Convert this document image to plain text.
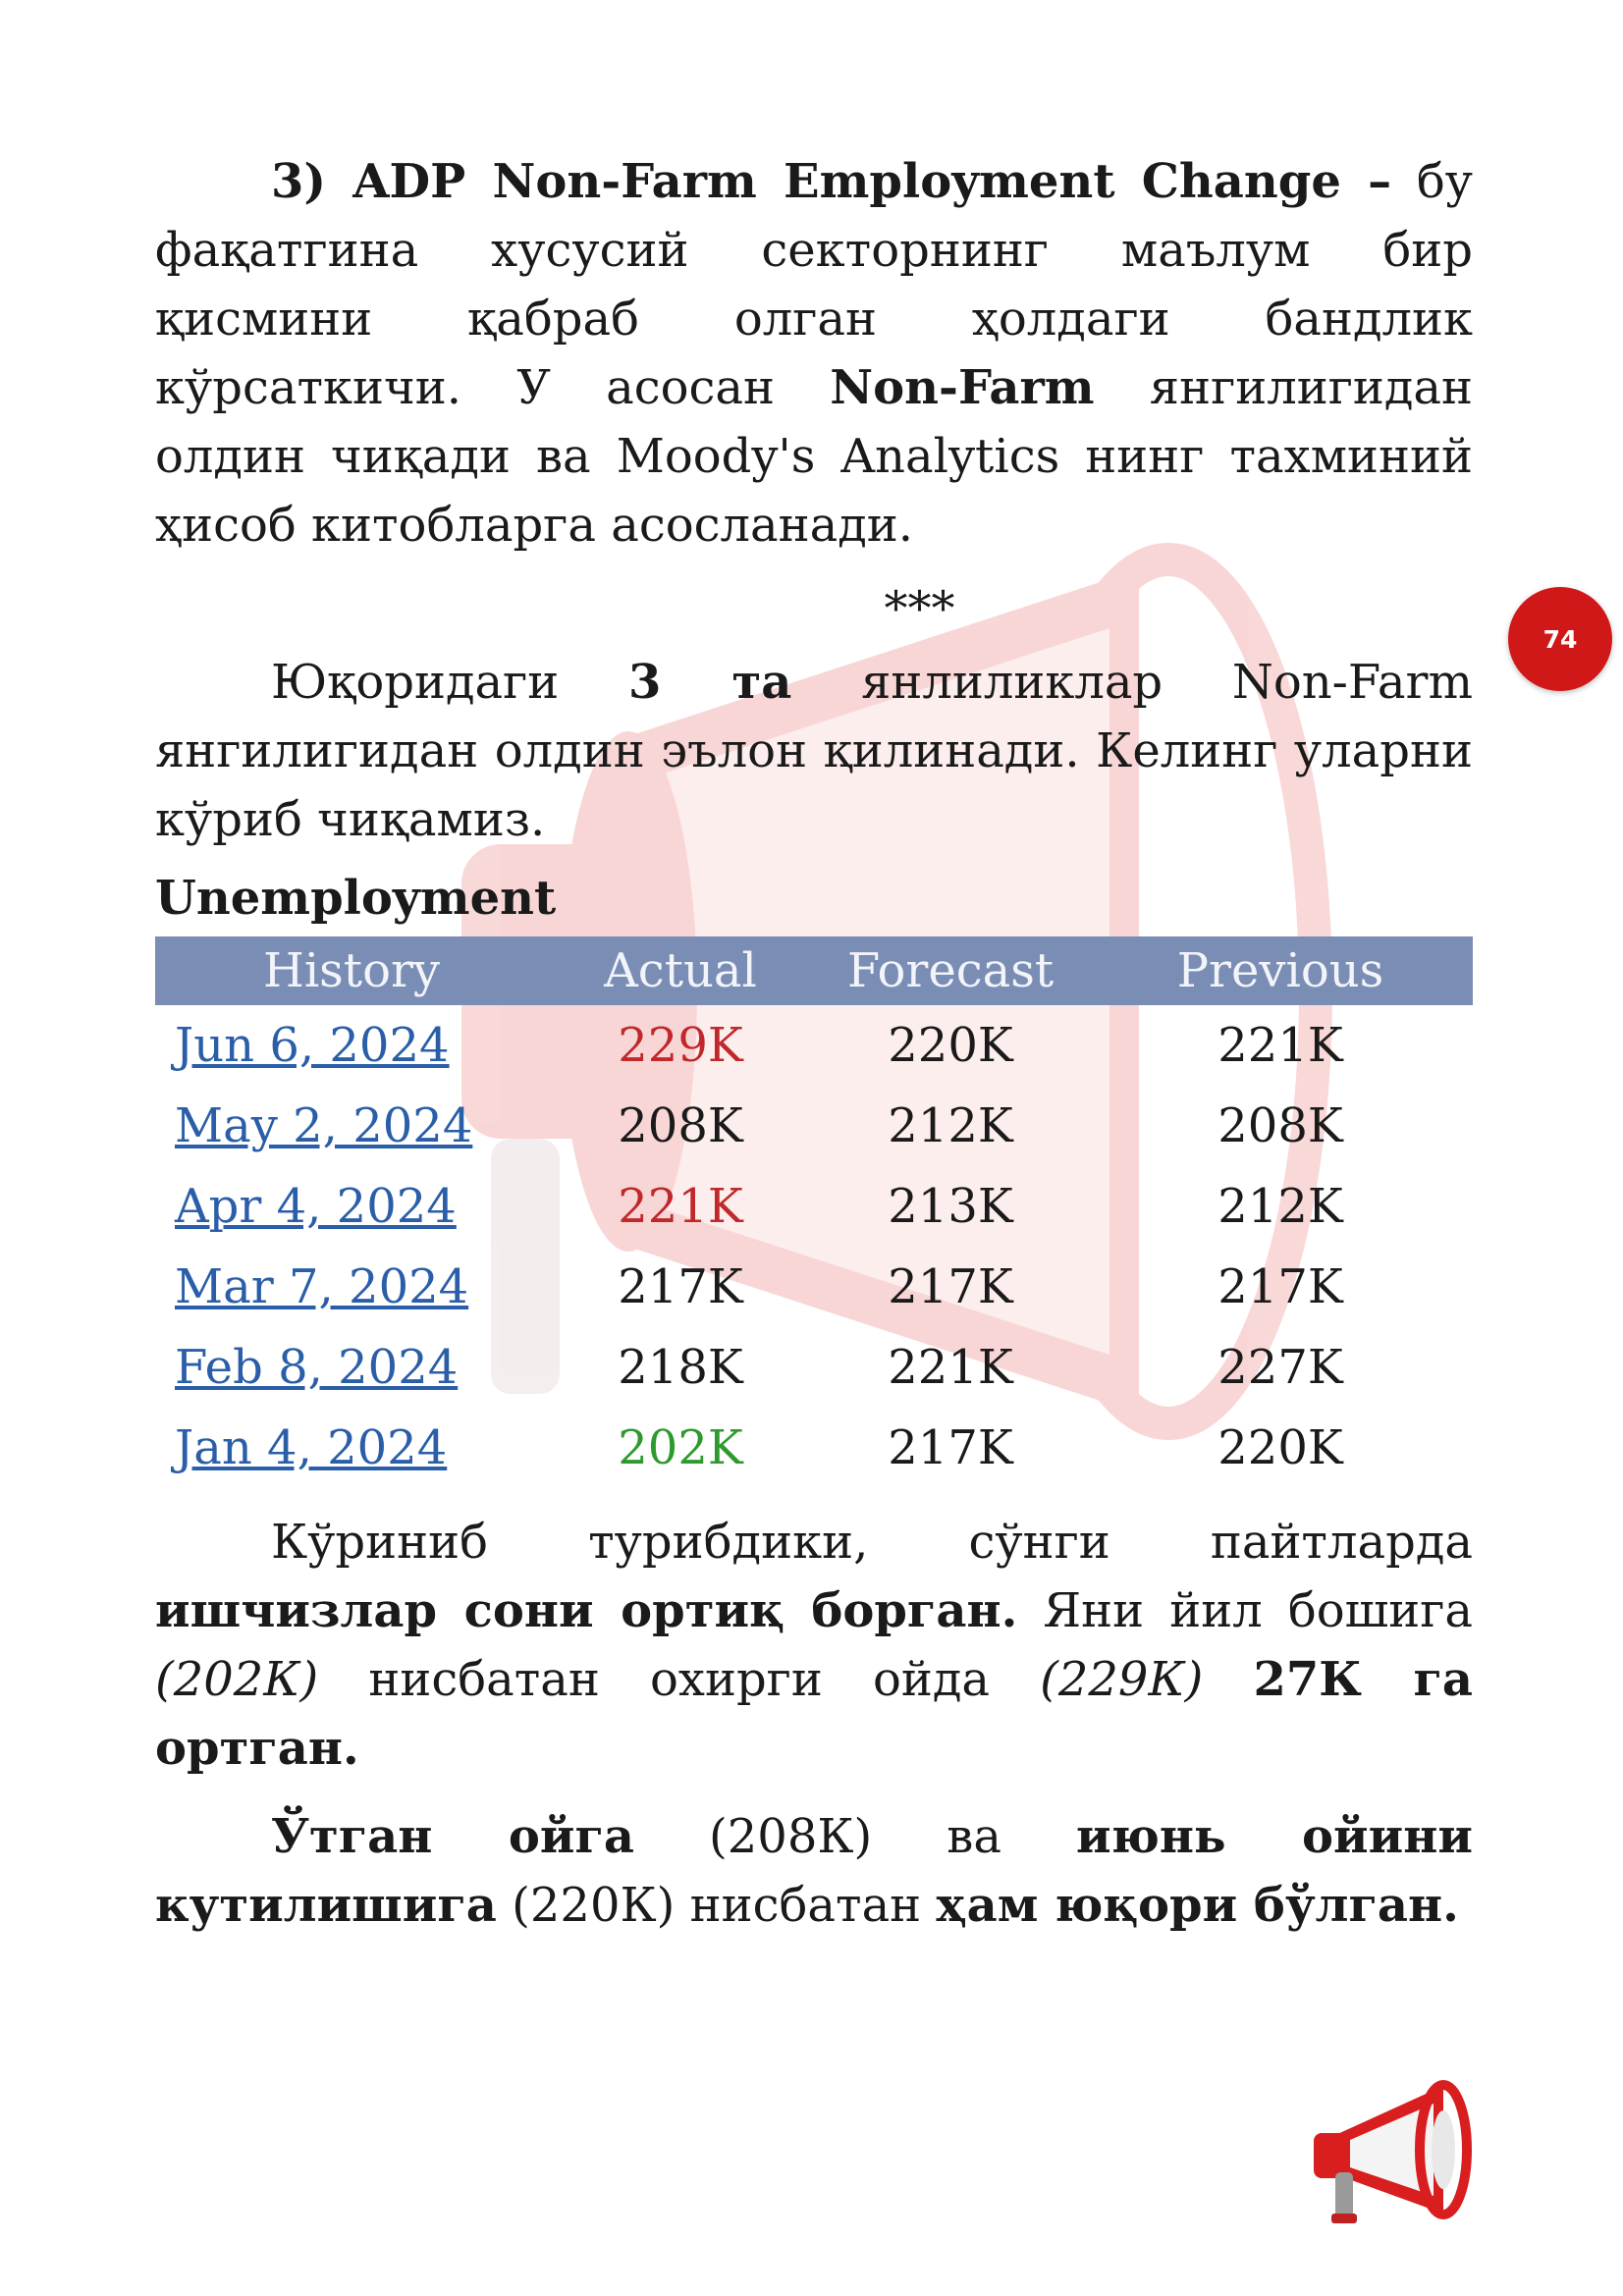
74

3) ADP Non-Farm Employment Change – бу фақатгина хусусий секторнинг маълум бир қисмини қабраб олган ҳолдаги бандлик кўрсаткичи. У асосан Non-Farm янгилигидан олдин чиқади ва Moody's Analytics нинг тахминий ҳисоб китобларга асосланади.

***

Юқоридаги 3 та янлиликлар Non-Farm янгилигидан олдин эълон қилинади. Келинг уларни кўриб чиқамиз.

Unemployment

History	Actual	Forecast	Previous
Jun 6, 2024	229K	220K	221K
May 2, 2024	208K	212K	208K
Apr 4, 2024	221K	213K	212K
Mar 7, 2024	217K	217K	217K
Feb 8, 2024	218K	221K	227K
Jan 4, 2024	202K	217K	220K

Кўриниб турибдики, сўнги пайтларда ишчизлар сони ортиқ борган. Яни йил бошига (202К) нисбатан охирги ойда (229К) 27К га ортган.

Ўтган ойга (208К) ва июнь ойини кутилишига (220К) нисбатан ҳам юқори бўлган.
